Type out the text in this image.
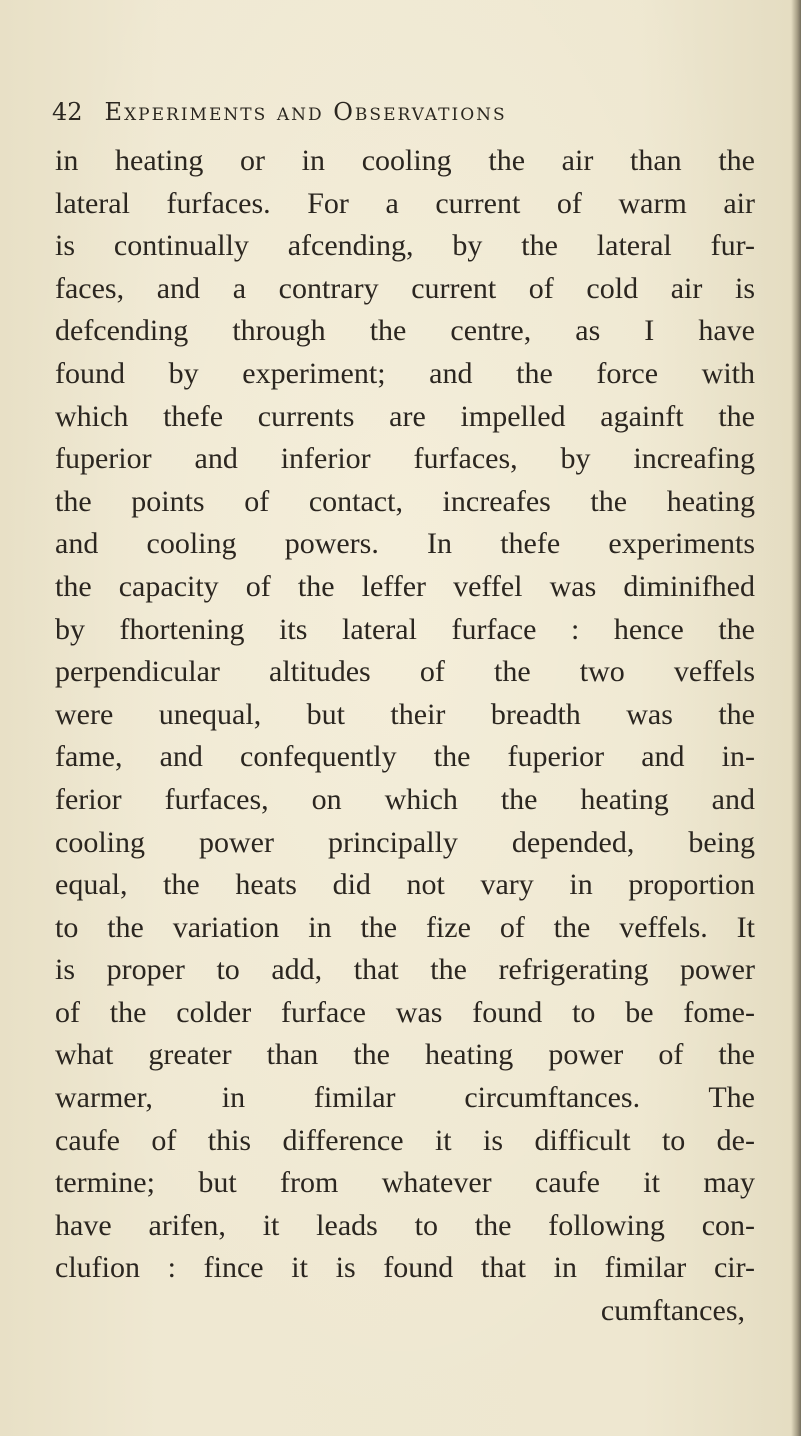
42 Experiments and Observations
in heating or in cooling the air than the
lateral furfaces. For a current of warm air
is continually afcending, by the lateral fur-
faces, and a contrary current of cold air is
defcending through the centre, as I have
found by experiment; and the force with
which thefe currents are impelled againft the
fuperior and inferior furfaces, by increafing
the points of contact, increafes the heating
and cooling powers. In thefe experiments
the capacity of the leffer veffel was diminifhed
by fhortening its lateral furface : hence the
perpendicular altitudes of the two veffels
were unequal, but their breadth was the
fame, and confequently the fuperior and in-
ferior furfaces, on which the heating and
cooling power principally depended, being
equal, the heats did not vary in proportion
to the variation in the fize of the veffels. It
is proper to add, that the refrigerating power
of the colder furface was found to be fome-
what greater than the heating power of the
warmer, in fimilar circumftances. The
caufe of this difference it is difficult to de-
termine; but from whatever caufe it may
have arifen, it leads to the following con-
clufion : fince it is found that in fimilar cir-
cumftances,
